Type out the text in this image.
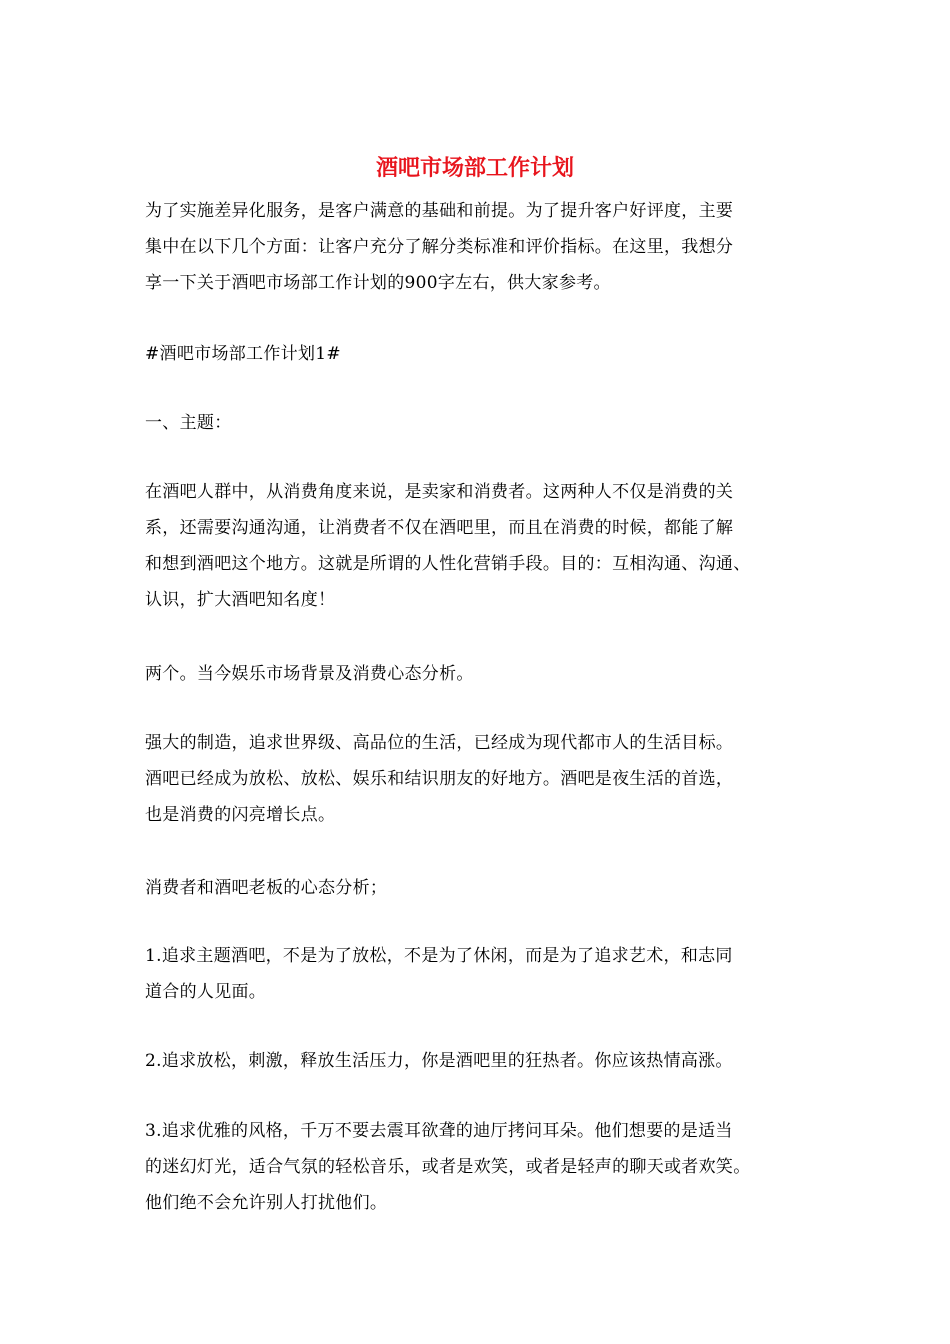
酒吧市场部工作计划

为了实施差异化服务，是客户满意的基础和前提。为了提升客户好评度，主要
集中在以下几个方面：让客户充分了解分类标准和评价指标。在这里，我想分
享一下关于酒吧市场部工作计划的900字左右，供大家参考。

#酒吧市场部工作计划1#

一、主题：

在酒吧人群中，从消费角度来说，是卖家和消费者。这两种人不仅是消费的关
系，还需要沟通沟通，让消费者不仅在酒吧里，而且在消费的时候，都能了解
和想到酒吧这个地方。这就是所谓的人性化营销手段。目的：互相沟通、沟通、
认识，扩大酒吧知名度！

两个。当今娱乐市场背景及消费心态分析。

强大的制造，追求世界级、高品位的生活，已经成为现代都市人的生活目标。
酒吧已经成为放松、放松、娱乐和结识朋友的好地方。酒吧是夜生活的首选，
也是消费的闪亮增长点。

消费者和酒吧老板的心态分析；

1.追求主题酒吧，不是为了放松，不是为了休闲，而是为了追求艺术，和志同
道合的人见面。

2.追求放松，刺激，释放生活压力，你是酒吧里的狂热者。你应该热情高涨。

3.追求优雅的风格，千万不要去震耳欲聋的迪厅拷问耳朵。他们想要的是适当
的迷幻灯光，适合气氛的轻松音乐，或者是欢笑，或者是轻声的聊天或者欢笑。
他们绝不会允许别人打扰他们。
